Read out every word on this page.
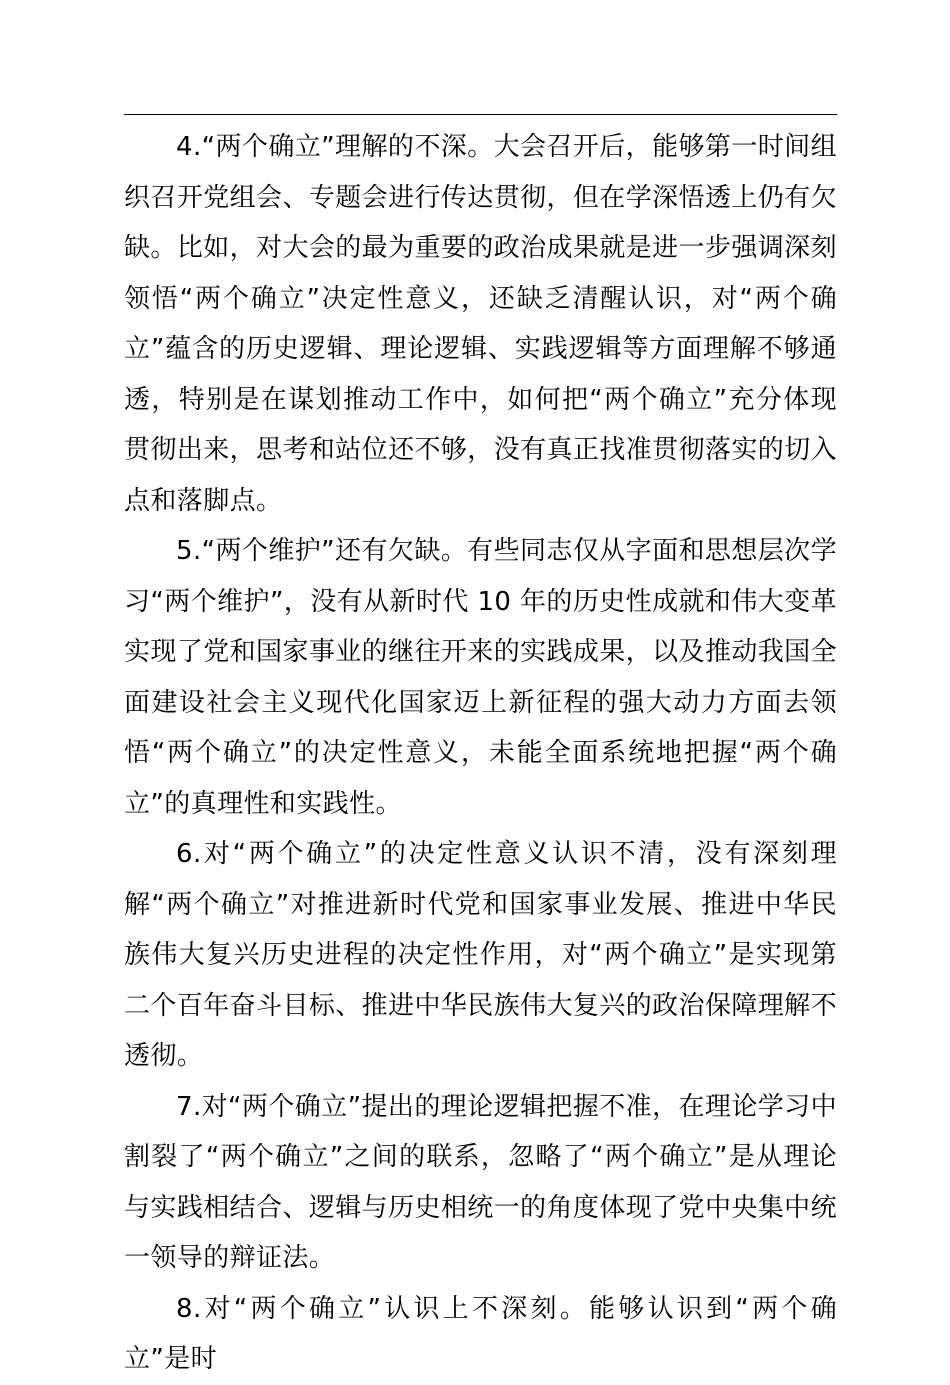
4.“两个确立”理解的不深。大会召开后，能够第一时间组织召开党组会、专题会进行传达贯彻，但在学深悟透上仍有欠缺。比如，对大会的最为重要的政治成果就是进一步强调深刻领悟“两个确立”决定性意义，还缺乏清醒认识，对“两个确立”蕴含的历史逻辑、理论逻辑、实践逻辑等方面理解不够通透，特别是在谋划推动工作中，如何把“两个确立”充分体现贯彻出来，思考和站位还不够，没有真正找准贯彻落实的切入点和落脚点。

5.“两个维护”还有欠缺。有些同志仅从字面和思想层次学习“两个维护”，没有从新时代 10 年的历史性成就和伟大变革实现了党和国家事业的继往开来的实践成果，以及推动我国全面建设社会主义现代化国家迈上新征程的强大动力方面去领悟“两个确立”的决定性意义，未能全面系统地把握“两个确立”的真理性和实践性。

6.对“两个确立”的决定性意义认识不清，没有深刻理解“两个确立”对推进新时代党和国家事业发展、推进中华民族伟大复兴历史进程的决定性作用，对“两个确立”是实现第二个百年奋斗目标、推进中华民族伟大复兴的政治保障理解不透彻。

7.对“两个确立”提出的理论逻辑把握不准，在理论学习中割裂了“两个确立”之间的联系，忽略了“两个确立”是从理论与实践相结合、逻辑与历史相统一的角度体现了党中央集中统一领导的辩证法。

8.对“两个确立”认识上不深刻。能够认识到“两个确立”是时
